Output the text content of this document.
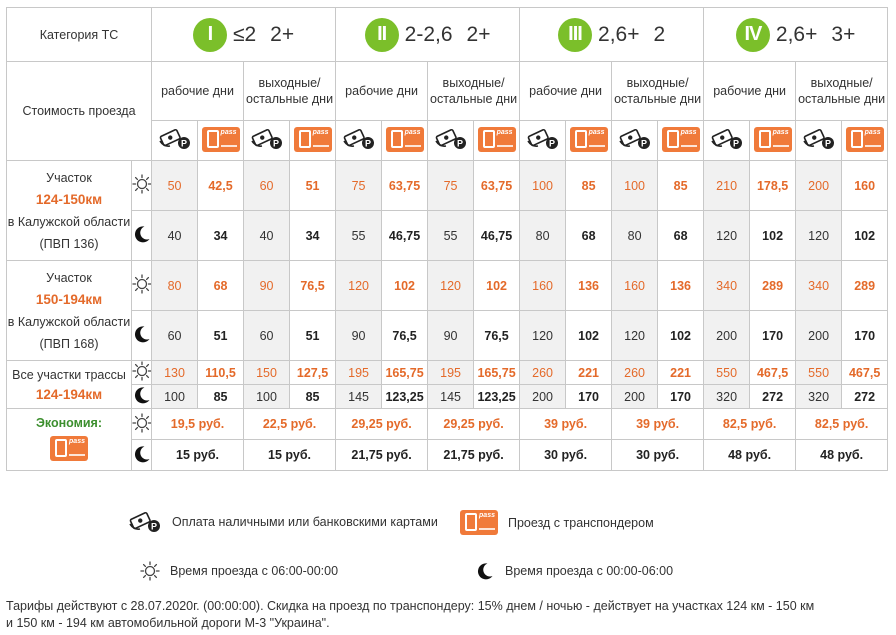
Категория ТС		I ≤2 2+				II 2-2,6 2+				III 2,6+ 2				IV 2,6+ 3+			

Стоимость проезда		рабочие дни		выходные/ остальные дни		рабочие дни		выходные/ остальные дни		рабочие дни		выходные/ остальные дни		рабочие дни		выходные/ остальные дни	

P	pass	P	pass	P	pass	P	pass	P	pass	P	pass	P	pass	P	pass

Участок
124-150км
в Калужской области
(ПВП 136)		50	42,5	60	51	75	63,75	75	63,75	100	85	100	85	210	178,5	200	160
	40	34	40	34	55	46,75	55	46,75	80	68	80	68	120	102	120	102

Участок
150-194км
в Калужской области
(ПВП 168)		80	68	90	76,5	120	102	120	102	160	136	160	136	340	289	340	289
	60	51	60	51	90	76,5	90	76,5	120	102	120	102	200	170	200	170

Все участки трассы
124-194км		130	110,5	150	127,5	195	165,75	195	165,75	260	221	260	221	550	467,5	550	467,5
	100	85	100	85	145	123,25	145	123,25	200	170	200	170	320	272	320	272

Экономия:
pass		19,5 руб.		22,5 руб.		29,25 руб.		29,25 руб.		39 руб.		39 руб.		82,5 руб.		82,5 руб.	
	15 руб.		15 руб.		21,75 руб.		21,75 руб.		30 руб.		30 руб.		48 руб.		48 руб.	
P Оплата наличными или банковскими картами	pass Проезд с транспондером
Время проезда с 06:00-00:00	Время проезда с 00:00-06:00
Тарифы действуют с 28.07.2020г. (00:00:00). Скидка на проезд по транспондеру: 15% днем / ночью - действует на участках 124 км - 150 км
и 150 км - 194 км автомобильной дороги М-3 "Украина".
